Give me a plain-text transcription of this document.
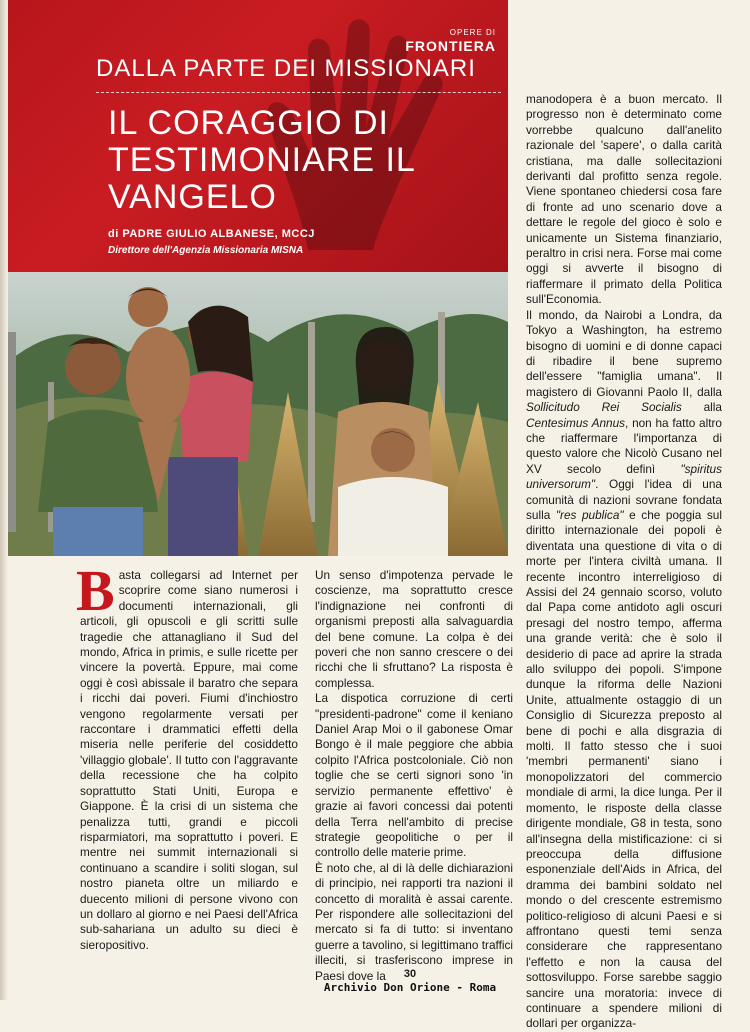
OPERE DI
FRONTIERA
DALLA PARTE DEI MISSIONARI
IL CORAGGIO DI
TESTIMONIARE IL
VANGELO
di PADRE GIULIO ALBANESE, MCCJ
Direttore dell'Agenzia Missionaria MISNA

Basta collegarsi ad Internet per scoprire come siano numerosi i documenti internazionali, gli articoli, gli opuscoli e gli scritti sulle tragedie che attanagliano il Sud del mondo, Africa in primis, e sulle ricette per vincere la povertà. Eppure, mai come oggi è così abissale il baratro che separa i ricchi dai poveri. Fiumi d'inchiostro vengono regolarmente versati per raccontare i drammatici effetti della miseria nelle periferie del cosiddetto 'villaggio globale'. Il tutto con l'aggravante della recessione che ha colpito soprattutto Stati Uniti, Europa e Giappone. È la crisi di un sistema che penalizza tutti, grandi e piccoli risparmiatori, ma soprattutto i poveri. E mentre nei summit internazionali si continuano a scandire i soliti slogan, sul nostro pianeta oltre un miliardo e duecento milioni di persone vivono con un dollaro al giorno e nei Paesi dell'Africa sub-sahariana un adulto su dieci è sieropositivo.

Un senso d'impotenza pervade le coscienze, ma soprattutto cresce l'indignazione nei confronti di organismi preposti alla salvaguardia del bene comune. La colpa è dei poveri che non sanno crescere o dei ricchi che li sfruttano? La risposta è complessa.

La dispotica corruzione di certi "presidenti-padrone" come il keniano Daniel Arap Moi o il gabonese Omar Bongo è il male peggiore che abbia colpito l'Africa postcoloniale. Ciò non toglie che se certi signori sono 'in servizio permanente effettivo' è grazie ai favori concessi dai potenti della Terra nell'ambito di precise strategie geopolitiche o per il controllo delle materie prime.

È noto che, al di là delle dichiarazioni di principio, nei rapporti tra nazioni il concetto di moralità è assai carente. Per rispondere alle sollecitazioni del mercato si fa di tutto: si inventano guerre a tavolino, si legittimano traffici illeciti, si trasferiscono imprese in Paesi dove la

manodopera è a buon mercato. Il progresso non è determinato come vorrebbe qualcuno dall'anelito razionale del 'sapere', o dalla carità cristiana, ma dalle sollecitazioni derivanti dal profitto senza regole. Viene spontaneo chiedersi cosa fare di fronte ad uno scenario dove a dettare le regole del gioco è solo e unicamente un Sistema finanziario, peraltro in crisi nera. Forse mai come oggi si avverte il bisogno di riaffermare il primato della Politica sull'Economia.

Il mondo, da Nairobi a Londra, da Tokyo a Washington, ha estremo bisogno di uomini e di donne capaci di ribadire il bene supremo dell'essere "famiglia umana". Il magistero di Giovanni Paolo II, dalla Sollicitudo Rei Socialis alla Centesimus Annus, non ha fatto altro che riaffermare l'importanza di questo valore che Nicolò Cusano nel XV secolo definì "spiritus universorum". Oggi l'idea di una comunità di nazioni sovrane fondata sulla "res publica" e che poggia sul diritto internazionale dei popoli è diventata una questione di vita o di morte per l'intera civiltà umana. Il recente incontro interreligioso di Assisi del 24 gennaio scorso, voluto dal Papa come antidoto agli oscuri presagi del nostro tempo, afferma una grande verità: che è solo il desiderio di pace ad aprire la strada allo sviluppo dei popoli. S'impone dunque la riforma delle Nazioni Unite, attualmente ostaggio di un Consiglio di Sicurezza preposto al bene di pochi e alla disgrazia di molti. Il fatto stesso che i suoi 'membri permanenti' siano i monopolizzatori del commercio mondiale di armi, la dice lunga. Per il momento, le risposte della classe dirigente mondiale, G8 in testa, sono all'insegna della mistificazione: ci si preoccupa della diffusione esponenziale dell'Aids in Africa, del dramma dei bambini soldato nel mondo o del crescente estremismo politico-religioso di alcuni Paesi e si affrontano questi temi senza considerare che rappresentano l'effetto e non la causa del sottosviluppo. Forse sarebbe saggio sancire una moratoria: invece di continuare a spendere milioni di dollari per organizza-

30
Archivio Don Orione - Roma
